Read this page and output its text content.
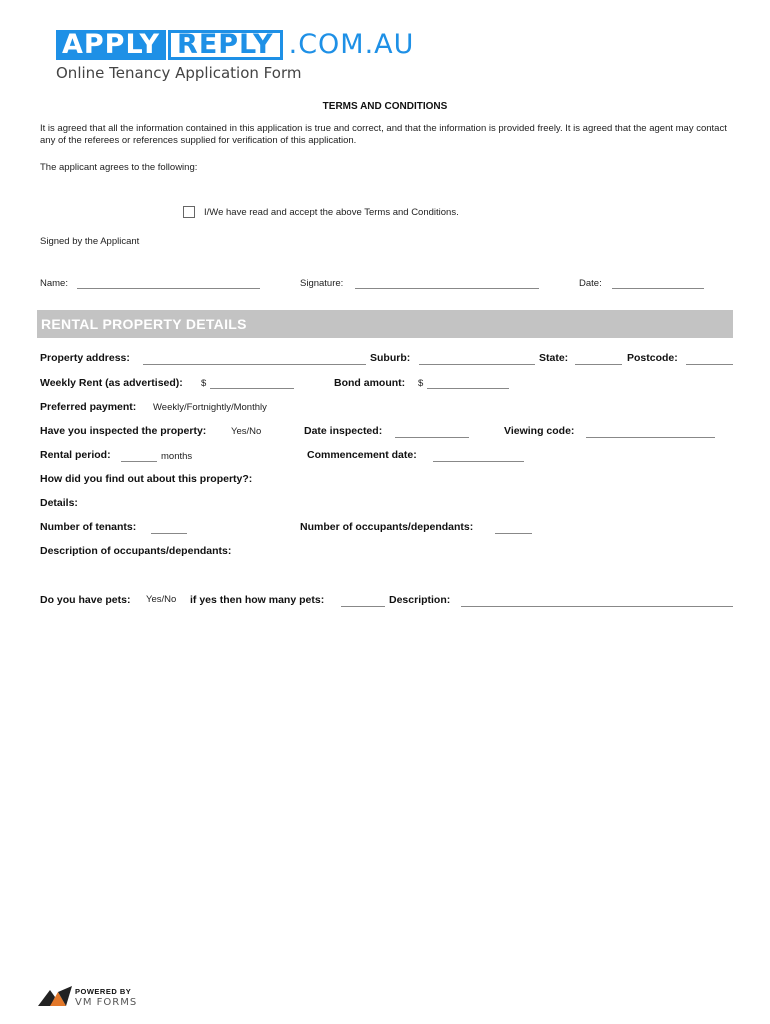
APPLY REPLY .COM.AU
Online Tenancy Application Form
TERMS AND CONDITIONS
It is agreed that all the information contained in this application is true and correct, and that the information is provided freely. It is agreed that the agent may contact any of the referees or references supplied for verification of this application.
The applicant agrees to the following:
I/We have read and accept the above Terms and Conditions.
Signed by the Applicant
Name:	Signature:	Date:
RENTAL PROPERTY DETAILS
Property address:	Suburb:	State:	Postcode:
Weekly Rent (as advertised): $	Bond amount: $
Preferred payment: Weekly/Fortnightly/Monthly
Have you inspected the property:	Yes/No	Date inspected:	Viewing code:
Rental period:	months	Commencement date:
How did you find out about this property?:
Details:
Number of tenants:	Number of occupants/dependants:
Description of occupants/dependants:
Do you have pets: Yes/No if yes then how many pets:	Description:
POWERED BY
VM FORMS
